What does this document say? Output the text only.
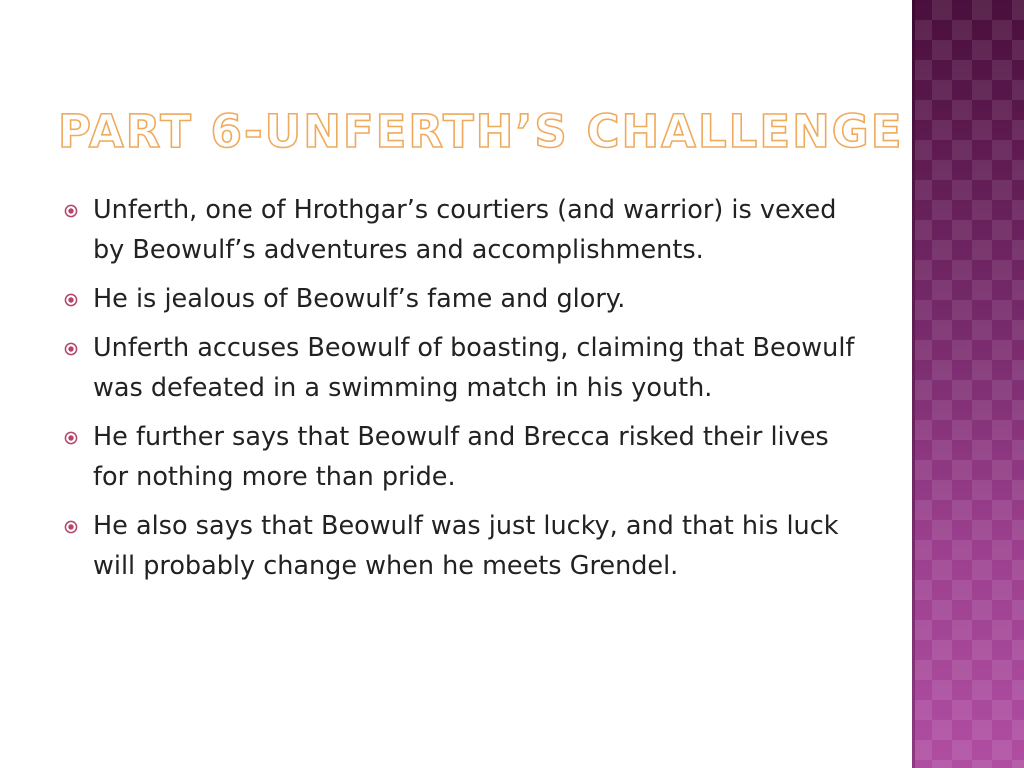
PART 6-UNFERTH’S CHALLENGE
Unferth, one of Hrothgar’s courtiers (and warrior) is vexed by Beowulf’s adventures and accomplishments.
He is jealous of Beowulf’s fame and glory.
Unferth accuses Beowulf of boasting, claiming that Beowulf was defeated in a swimming match in his youth.
He further says that Beowulf and Brecca risked their lives for nothing more than pride.
He also says that Beowulf was just lucky, and that his luck will probably change when he meets Grendel.
